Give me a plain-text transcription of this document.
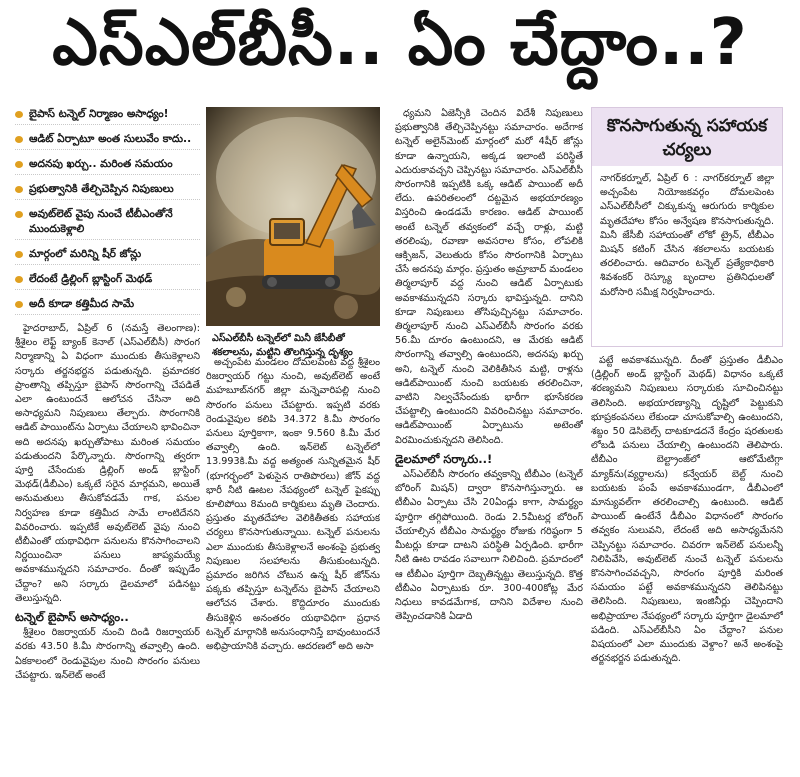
ఎస్‌ఎల్‌బీసీ.. ఏం చేద్దాం..?
బైపాస్‌ టన్నెల్‌ నిర్మాణం అసాధ్యం!
ఆడిట్‌ ఏర్పాటూ అంత సులువేం కాదు..
అదనపు ఖర్చు.. మరింత సమయం
ప్రభుత్వానికి తేల్చిచెప్పిన నిపుణులు
అవుట్‌లెట్‌ వైపు నుంచే టీబీఎంతోనే ముందుకెళ్లాలి
మార్గంలో మరిన్ని షీర్‌ జోన్లు
లేదంటే డ్రిల్లింగ్‌ బ్లాస్టింగ్‌ మెథడ్‌
అదీ కూడా కత్తిమీద సామే
ఎస్‌ఎల్‌బీసీ టన్నెల్‌లో మినీ జేసీబీతో శకలాలను, మట్టిని తొలగిస్తున్న దృశ్యం

హైదరాబాద్‌, ఏప్రిల్‌ 6 (నమస్తే తెలంగాణ): శ్రీశైలం లెఫ్ట్‌ బ్యాంక్‌ కెనాల్‌ (ఎస్‌ఎల్‌బీసీ) సొరంగ నిర్మాణాన్ని ఏ విధంగా ముందుకు తీసుకెళ్లాలని సర్కారు తర్జనభర్జన పడుతున్నది. ప్రమాదకర ప్రాంతాన్ని తప్పిస్తూ బైపాస్‌ సొరంగాన్ని చేపడితే ఎలా ఉంటుందనే ఆలోచన చేసినా అది అసాధ్యమని నిపుణులు తేల్చారు. సొరంగానికి ఆడిట్‌ పాయింట్‌ను ఏర్పాటు చేయాలని భావించినా అది అదనపు ఖర్చుతోపాటు మరింత సమయం పడుతుందని పేర్కొన్నారు. సొరంగాన్ని త్వరగా పూర్తి చేసేందుకు డ్రిల్లింగ్‌ అండ్‌ బ్లాస్టింగ్‌ మెథడ్‌(డీబీఎం) ఒక్కటే సరైన మార్గమని, అయితే అనుమతులు తీసుకోవడమే గాక, పనుల నిర్వహణ కూడా కత్తిమీద సామే లాంటిదేనని వివరించారు. ఇప్పటికే అవుట్‌లెట్‌ వైపు నుంచి టీబీఎంతో యథావిధిగా పనులను కొనసాగించాలని నిర్ణయించినా పనులు జాప్యమయ్యే అవకాశమున్నదని సమాచారం. దీంతో ఇప్పుడేం చేద్దాం? అని సర్కారు డైలమాలో పడినట్టు తెలుస్తున్నది.

టన్నెల్‌ బైపాస్‌ అసాధ్యం..

శ్రీశైలం రిజర్వాయర్‌ నుంచి దిండి రిజర్వాయర్‌ వరకు 43.50 కి.మీ సొరంగాన్ని తవ్వాల్సి ఉంది. ఏకకాలంలో రెండువైపుల నుంచి సొరంగం పనులు చేపట్టారు. ఇన్‌లెట్‌ అంటే

అచ్చంపేట మండలం దోమలపెంట వద్ద శ్రీశైలం రిజర్వాయర్‌ గట్టు నుంచి, అవుట్‌లెట్‌ అంటే మహబూబ్‌నగర్‌ జిల్లా మన్నెవారిపల్లి నుంచి సొరంగం పనులు చేపట్టారు. ఇప్పటి వరకు రెండువైపుల కలిపి 34.372 కి.మీ సొరంగం పనులు పూర్తికాగా, ఇంకా 9.560 కి.మీ మేర తవ్వాల్సి ఉంది. ఇన్‌లెట్‌ టన్నెల్‌లో 13.993కి.మీ వద్ద అత్యంత సున్నితమైన షీర్‌ (భూగర్భంలో పెళుసైన రాతిపొరలు) జోన్‌ వద్ద భారీ నీటి ఊటల నేపథ్యంలో టన్నెల్‌ పైకప్పు కూలిపోయి 8మంది కార్మికులు మృతి చెందారు. ప్రస్తుతం మృతదేహాల వెలికితీతకు సహాయక చర్యలు కొనసాగుతున్నాయి. టన్నెల్‌ పనులను ఎలా ముందుకు తీసుకెళ్లాలనే అంశంపై ప్రభుత్వ నిపుణుల సలహాలను తీసుకుంటున్నది. ప్రమాదం జరిగిన చోటున ఉన్న షీర్‌ జోన్‌ను పక్కకు తప్పిస్తూ టన్నెల్‌ను బైపాస్‌ చేయాలని ఆలోచన చేశారు. కొద్దిదూరం ముందుకు తీసుకెళ్లిన అనంతరం యథావిధిగా ప్రధాన టన్నెల్‌ మార్గానికి అనుసంధానిస్తే బావుంటుందనే అభిప్రాయానికి వచ్చారు. ఆదరణలో అది అసా

ధ్యమని ఏజెన్సీకి చెందిన విదేశీ నిపుణులు ప్రభుత్వానికి తేల్చిచెప్పినట్టు సమాచారం. అదేగాక టన్నెల్‌ అలైన్‌మెంట్‌ మార్గంలో మరో 4షీర్‌ జోన్లు కూడా ఉన్నాయని, అక్కడ ఇలాంటి పరిస్థితే ఎదురుకావచ్చని చెప్పినట్టు సమాచారం. ఎస్‌ఎల్‌బీసీ సొరంగానికి ఇప్పటికి ఒక్క ఆడిట్‌ పాయింట్‌ అదీ లేదు. ఉపరితలంలో దట్టమైన అభయారణ్యం విస్తరించి ఉండడమే కారణం. ఆడిట్‌ పాయింట్‌ అంటే టన్నెల్‌ తవ్వకంలో వచ్చే రాళ్లు, మట్టి తరలింపు, రవాణా అవసరాల కోసం, లోపలికి ఆక్సిజన్‌, వెలుతురు కోసం సొరంగానికి ఏర్పాటు చేసే అదనపు మార్గం. ప్రస్తుతం అమ్రాబాద్‌ మండలం తిర్మలాపూర్‌ వద్ద నుంచి ఆడిట్‌ ఏర్పాటుకు అవకాశమున్నదని సర్కారు భావిస్తున్నది. దానిని కూడా నిపుణులు తోసిపుచ్చినట్టు సమాచారం. తిర్మలాపూర్‌ నుంచి ఎస్‌ఎల్‌బీసీ సొరంగం వరకు 56.మీ దూరం ఉంటుందని, ఆ మేరకు ఆడిట్‌ సొరంగాన్ని తవ్వాల్సి ఉంటుందని, అదనపు ఖర్చు అని, టన్నెల్‌ నుంచి వెలికితీసిన మట్టి, రాళ్లను ఆడిట్‌పాయింట్‌ నుంచి బయటకు తరలించినా, వాటిని నిల్వచేసేందుకు భారీగా భూసేకరణ చేపట్టాల్సి ఉంటుందని వివరించినట్టు సమాచారం. ఆడిట్‌పాయింట్‌ ఏర్పాటును అటెంతో విరమించుకున్నదని తెలిసింది.

డైలమాలో సర్కారు..!

ఎస్‌ఎల్‌బీసీ సొరంగం తవ్వకాన్ని టీబీఎం (టన్నెల్‌ బోరింగ్‌ మిషన్‌) ద్వారా కొనసాగిస్తున్నారు. ఆ టీబీఎం ఏర్పాటు చేసి 20ఏండ్లు కాగా, సామర్థ్యం పూర్తిగా తగ్గిపోయింది. రెండు 2.5మీటర్ల బోరింగ్‌ చేయాల్సిన టీబీఎం సామర్థ్యం రోజుకు గరిష్ఠంగా 5 మీటర్లు కూడా దాటని పరిస్థితి ఏర్పడింది. భారీగా నీటి ఊట రావడం సవాలుగా నిలిచింది. ప్రమాదంలో ఆ టీబీఎం పూర్తిగా దెబ్బతిన్నట్టు తెలుస్తున్నది. కొత్త టీబీఎం ఏర్పాటుకు రూ. 300-400కోట్ల మేర నిధులు కావడమేగాక, దానిని విదేశాల నుంచి తెప్పించడానికి ఏడాది

కొనసాగుతున్న సహాయక చర్యలు
నాగర్‌కర్నూల్‌, ఏప్రిల్‌ 6 : నాగర్‌కర్నూల్‌ జిల్లా అచ్చంపేట నియోజకవర్గం దోమలపెంట ఎస్‌ఎల్‌బీసీలో చిక్కుకున్న ఆరుగురు కార్మికుల మృతదేహాల కోసం అన్వేషణ కొనసాగుతున్నది. మినీ జేసీబీ సహాయంతో లోకో ట్రైన్‌, టీబీఎం మిషన్‌ కటింగ్‌ చేసిన శకలాలను బయటకు తరలించారు. ఆదివారం టన్నెల్‌ ప్రత్యేకాధికారి శివశంకర్‌ రెస్క్యూ బృందాల ప్రతినిధులతో మరోసారి సమీక్ష నిర్వహించారు.

పట్టే అవకాశమున్నది. దీంతో ప్రస్తుతం డీబీఎం (డ్రిల్లింగ్‌ అండ్‌ బ్లాస్టింగ్‌ మెథడ్‌) విధానం ఒక్కటే శరణ్యమని నిపుణులు సర్కారుకు సూచించినట్టు తెలిసింది. అభయారణ్యాన్ని దృష్టిలో పెట్టుకుని భూప్రకంపనలు లేకుండా చూసుకోవాల్సి ఉంటుందని, శబ్దం 50 డెసిబెల్స్‌ దాటకూడదనే కేంద్రం షరతులకు లోబడి పనులు చేయాల్సి ఉంటుందని తెలిపారు. టీబీఎం బెల్ట్రాంజ్‌లో ఆటోమేటిగ్గా మ్యాక్‌ను(వ్యర్థాలను) కన్వేయర్‌ బెల్ట్‌ నుంచి బయటకు పంపే అవకాశముండగా, డీబీఎంలో మాన్యువల్‌గా తరలించాల్సి ఉంటుంది. ఆడిట్‌ పాయింట్‌ ఉంటేనే డీబీఎం విధానంలో సొరంగం తవ్వకం సులువని, లేదంటే అది అసాధ్యమేనని చెప్పినట్టు సమాచారం. చివరగా ఇన్‌లెట్‌ పనులన్నీ నిలిపివేసి, అవుట్‌లెట్‌ నుంచే టన్నెల్‌ పనులను కొనసాగించవచ్చని, సొరంగం పూర్తికి మరింత సమయం పట్టే అవకాశమున్నదని తెలిపినట్టు తెలిసింది. నిపుణులు, ఇంజినీర్లు చెప్పిందాని అభిప్రాయాల నేపథ్యంలో సర్కారు పూర్తిగా డైలమాలో పడింది. ఎస్‌ఎల్‌బీసీని ఏం చేద్దాం? పనుల విషయంలో ఎలా ముందుకు వెళ్దాం? అనే అంశంపై తర్జనభర్జన పడుతున్నది.
